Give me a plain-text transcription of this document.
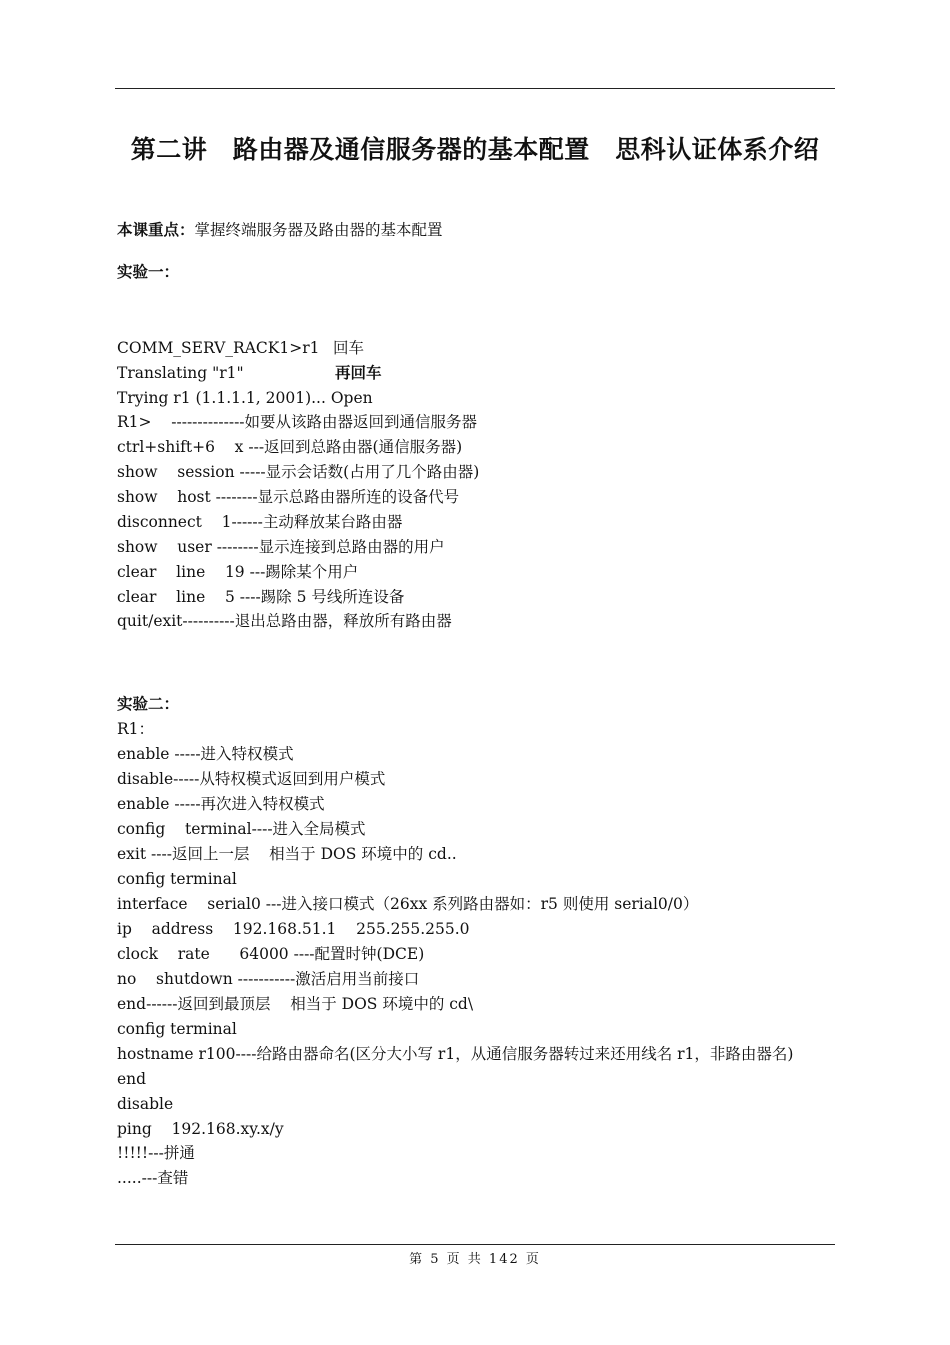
第二讲　路由器及通信服务器的基本配置　思科认证体系介绍
本课重点：掌握终端服务器及路由器的基本配置
实验一：
COMM_SERV_RACK1>r1 回车
Translating "r1"	再回车
Trying r1 (1.1.1.1, 2001)... Open
R1>    --------------如要从该路由器返回到通信服务器
ctrl+shift+6    x ---返回到总路由器(通信服务器)
show    session -----显示会话数(占用了几个路由器)
show    host --------显示总路由器所连的设备代号
disconnect    1------主动释放某台路由器
show    user --------显示连接到总路由器的用户
clear    line    19 ---踢除某个用户
clear    line    5 ----踢除 5 号线所连设备
quit/exit----------退出总路由器，释放所有路由器
实验二：
R1：
enable -----进入特权模式
disable-----从特权模式返回到用户模式
enable -----再次进入特权模式
config    terminal----进入全局模式
exit ----返回上一层    相当于 DOS 环境中的 cd..
config terminal
interface    serial0 ---进入接口模式（26xx 系列路由器如：r5 则使用 serial0/0）
ip    address    192.168.51.1    255.255.255.0
clock    rate      64000 ----配置时钟(DCE)
no    shutdown -----------激活启用当前接口
end------返回到最顶层    相当于 DOS 环境中的 cd\
config terminal
hostname r100----给路由器命名(区分大小写 r1，从通信服务器转过来还用线名 r1，非路由器名)
end
disable
ping    192.168.xy.x/y
!!!!!---拼通
.....---查错
第 5 页 共 142 页
